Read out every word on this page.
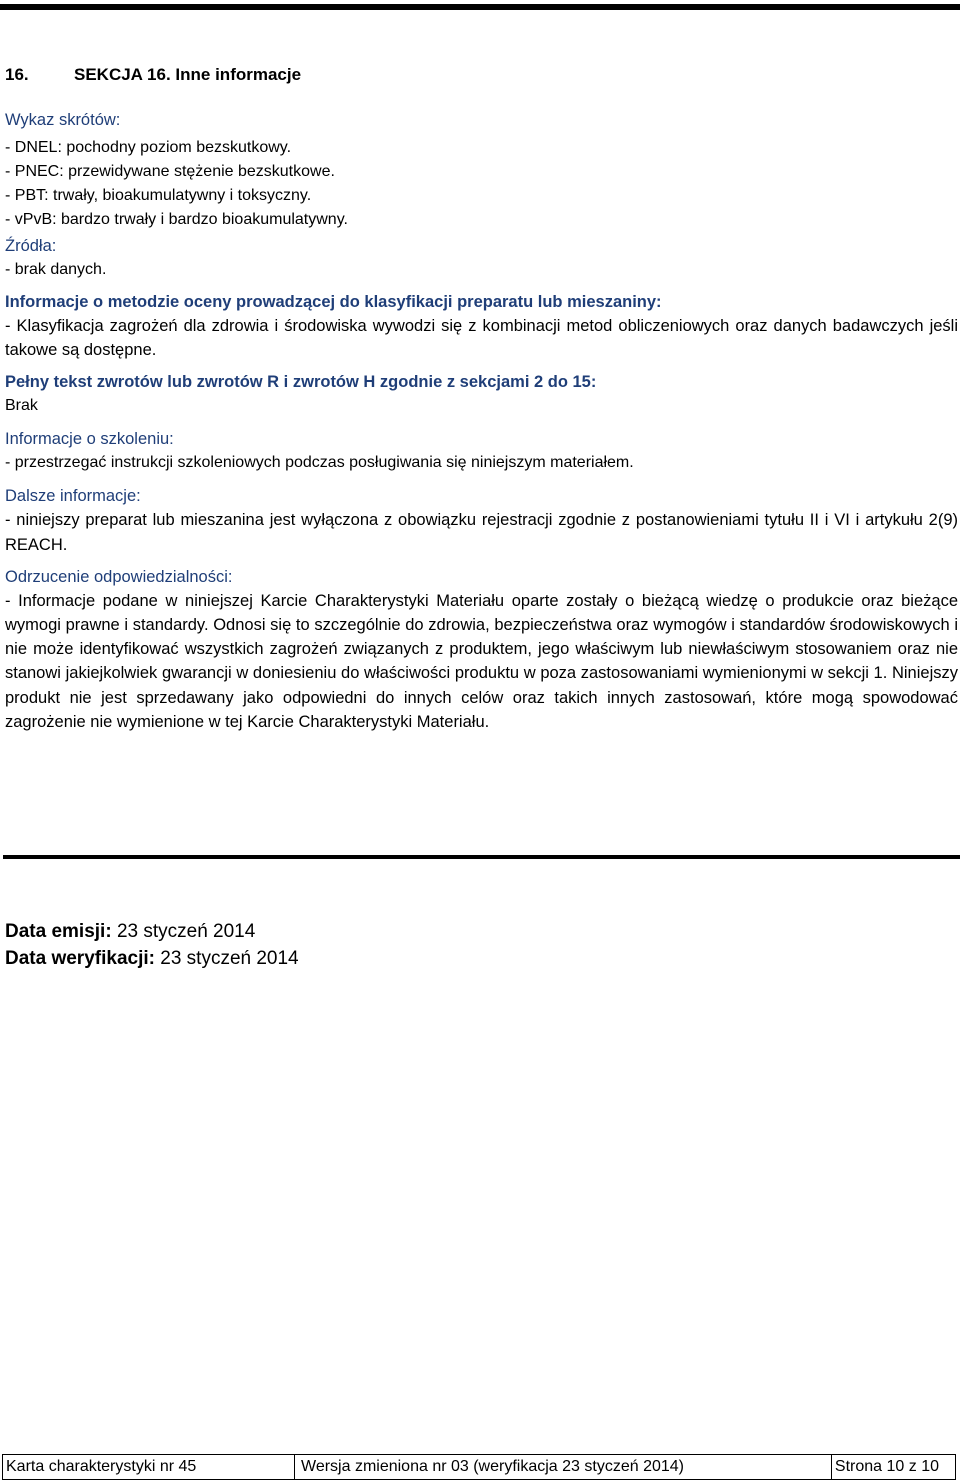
16.	SEKCJA 16. Inne informacje
Wykaz skrótów:
- DNEL: pochodny poziom bezskutkowy.
- PNEC: przewidywane stężenie bezskutkowe.
- PBT: trwały, bioakumulatywny i toksyczny.
- vPvB: bardzo trwały i bardzo bioakumulatywny.
Źródła:
- brak danych.
Informacje o metodzie oceny prowadzącej do klasyfikacji preparatu lub mieszaniny:
- Klasyfikacja zagrożeń dla zdrowia i środowiska wywodzi się z kombinacji metod obliczeniowych oraz danych badawczych jeśli takowe są dostępne.
Pełny tekst zwrotów lub zwrotów R i zwrotów H zgodnie z sekcjami 2 do 15:
Brak
Informacje o szkoleniu:
- przestrzegać instrukcji szkoleniowych podczas posługiwania się niniejszym materiałem.
Dalsze informacje:
- niniejszy preparat lub mieszanina jest wyłączona z obowiązku rejestracji zgodnie z postanowieniami tytułu II i VI i artykułu 2(9) REACH.
Odrzucenie odpowiedzialności:
- Informacje podane w niniejszej Karcie Charakterystyki Materiału oparte zostały o bieżącą wiedzę o produkcie oraz bieżące wymogi prawne i standardy. Odnosi się to szczególnie do zdrowia, bezpieczeństwa oraz wymogów i standardów środowiskowych i nie może identyfikować wszystkich zagrożeń związanych z produktem, jego właściwym lub niewłaściwym stosowaniem oraz nie stanowi jakiejkolwiek gwarancji w doniesieniu do właściwości produktu w poza zastosowaniami wymienionymi w sekcji 1. Niniejszy produkt nie jest sprzedawany jako odpowiedni do innych celów oraz takich innych zastosowań, które mogą spowodować zagrożenie nie wymienione w tej Karcie Charakterystyki Materiału.
Data emisji: 23 styczeń 2014
Data weryfikacji: 23 styczeń 2014
Karta charakterystyki nr 45	Wersja zmieniona nr 03 (weryfikacja 23 styczeń 2014)	Strona 10 z 10
